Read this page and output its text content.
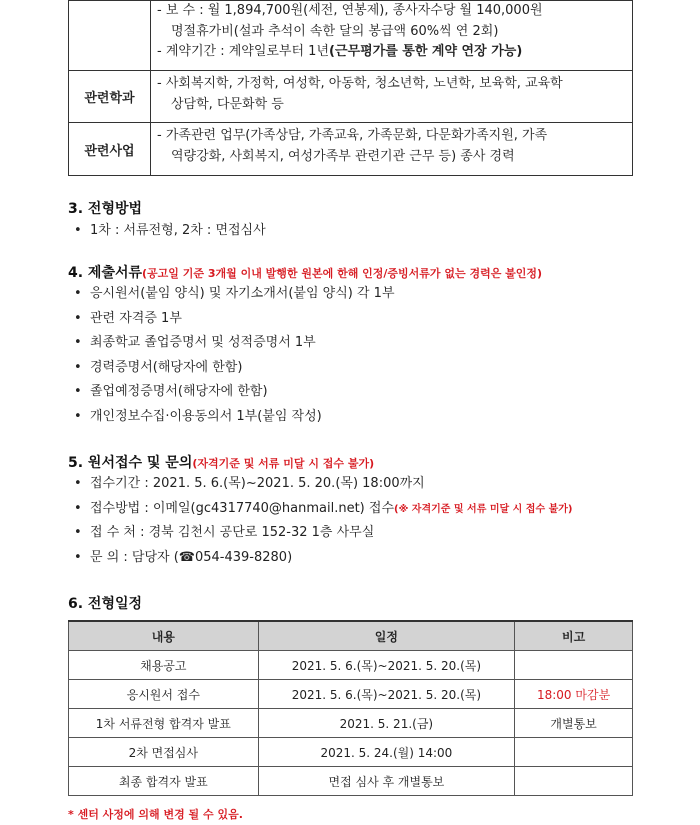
	- 보 수 : 월 1,894,700원(세전, 연봉제), 종사자수당 월 140,000원
명절휴가비(설과 추석이 속한 달의 봉급액 60%씩 연 2회)
- 계약기간 : 계약일로부터 1년(근무평가를 통한 계약 연장 가능)

관련학과	- 사회복지학, 가정학, 여성학, 아동학, 청소년학, 노년학, 보육학, 교육학
상담학, 다문화학 등

관련사업	- 가족관련 업무(가족상담, 가족교육, 가족문화, 다문화가족지원, 가족
역량강화, 사회복지, 여성가족부 관련기관 근무 등) 종사 경력
3. 전형방법
• 1차 : 서류전형, 2차 : 면접심사
4. 제출서류(공고일 기준 3개월 이내 발행한 원본에 한해 인정/증빙서류가 없는 경력은 불인정)
• 응시원서(붙임 양식) 및 자기소개서(붙임 양식) 각 1부
• 관련 자격증 1부
• 최종학교 졸업증명서 및 성적증명서 1부
• 경력증명서(해당자에 한함)
• 졸업예정증명서(해당자에 한함)
• 개인정보수집·이용동의서 1부(붙임 작성)
5. 원서접수 및 문의(자격기준 및 서류 미달 시 접수 불가)
• 접수기간 : 2021. 5. 6.(목)~2021. 5. 20.(목) 18:00까지
• 접수방법 : 이메일(gc4317740@hanmail.net) 접수(※ 자격기준 및 서류 미달 시 접수 불가)
• 접 수 처 : 경북 김천시 공단로 152-32 1층 사무실
• 문 의 : 담당자 (☎054-439-8280)
6. 전형일정
내용	일정	비고
채용공고	2021. 5. 6.(목)~2021. 5. 20.(목)	
응시원서 접수	2021. 5. 6.(목)~2021. 5. 20.(목)	18:00 마감분
1차 서류전형 합격자 발표	2021. 5. 21.(금)	개별통보
2차 면접심사	2021. 5. 24.(월) 14:00	
최종 합격자 발표	면접 심사 후 개별통보	
* 센터 사정에 의해 변경 될 수 있음.
